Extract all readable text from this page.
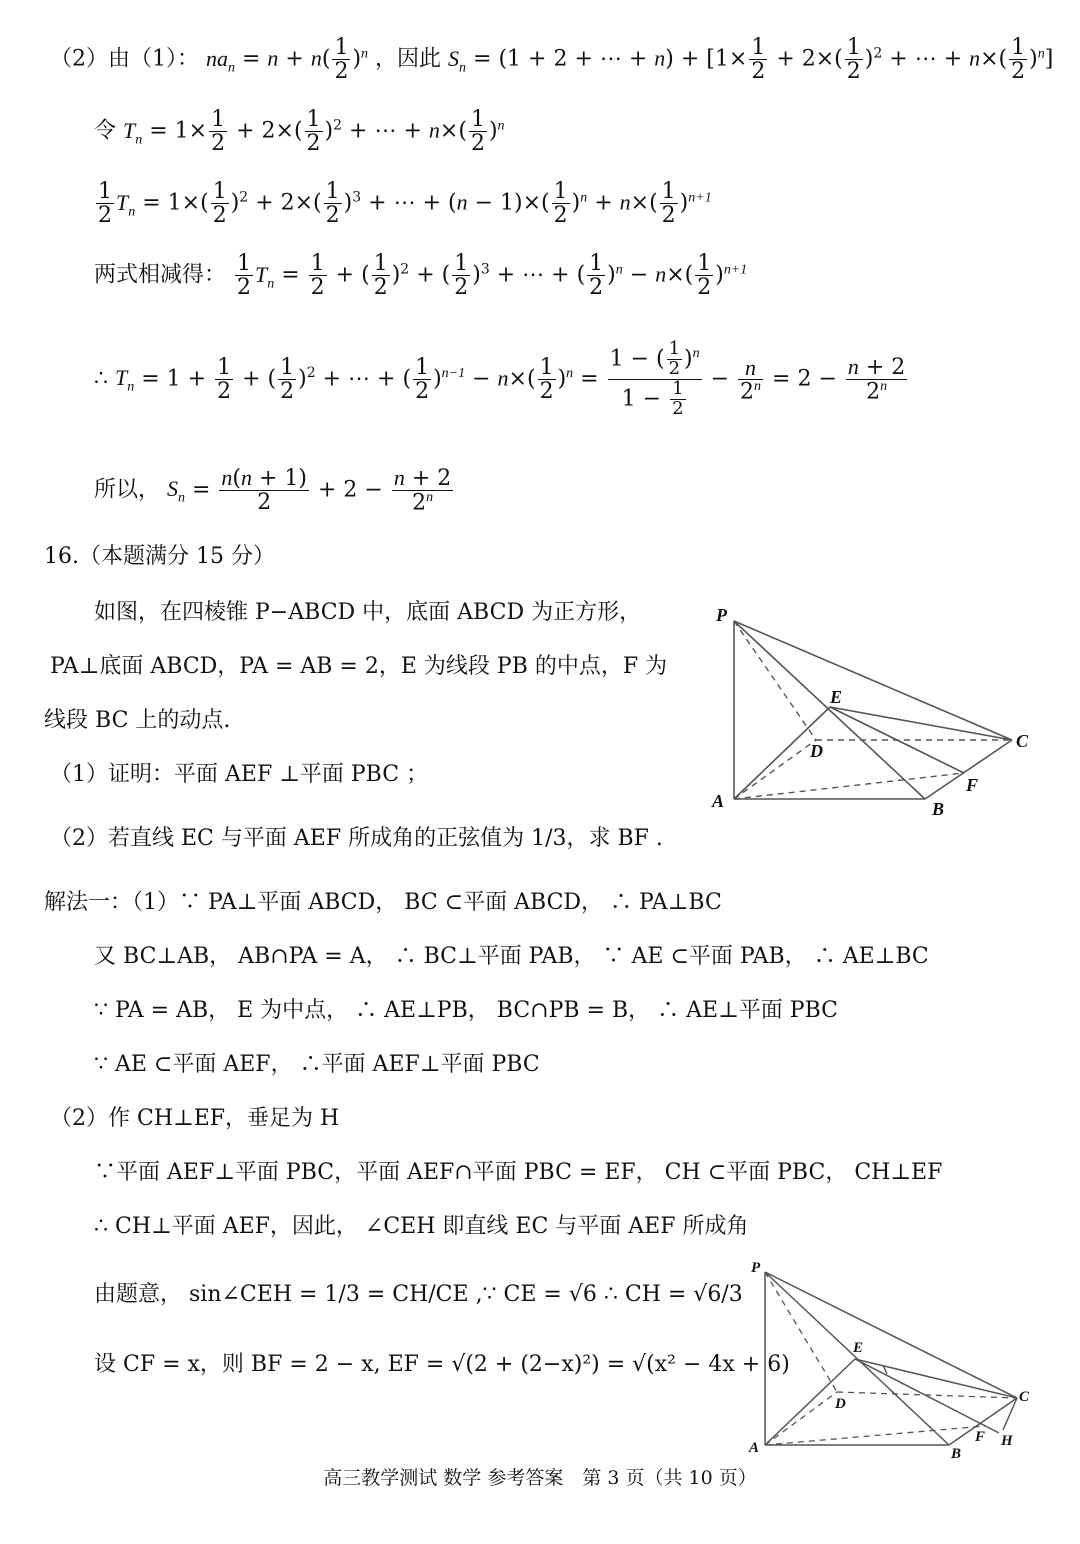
（2）由（1）： $na_n = n + n( \frac{1}{2} )^n$ ，因此 $S_n = (1 + 2$ + ⋯ + $n) + [1\times \frac{1}{2} + 2\times( \frac{1}{2} )^2$ + ⋯ + $n\times( \frac{1}{2} )^n$]
令 $T_n = 1\times \frac{1}{2} + 2\times( \frac{1}{2} )^2$ + ⋯ + $n\times( \frac{1}{2} )^n$
$\frac{1}{2} T_n = 1\times( \frac{1}{2} )^2 + 2\times( \frac{1}{2} )^3$ + ⋯ + $(n - 1)\times( \frac{1}{2} )^n + n\times( \frac{1}{2} )^{n+1}$
两式相减得： $\frac{1}{2} T_n = \frac{1}{2}$ + ( $\frac{1}{2} )^2$ + ( $\frac{1}{2} )^3$ + ⋯ + ( $\frac{1}{2} )^n - n\times( \frac{1}{2} )^{n+1}$
∴ $T_n = 1 + \frac{1}{2}$ + ( $\frac{1}{2} )^2$ + ⋯ + ( $\frac{1}{2} )^{n-1} - n\times( \frac{1}{2} )^n = \frac{1 - ( \frac{1}{2} )^n}{1 - \frac{1}{2}} - \frac{n}{2^n} = 2 - \frac{n + 2}{2^n}$
所以， $S_n = \frac{n(n + 1)}{2} + 2 - \frac{n + 2}{2^n}$
16.（本题满分 15 分）
如图，在四棱锥 P−ABCD 中，底面 ABCD 为正方形，
PA⊥底面 ABCD，PA = AB = 2，E 为线段 PB 的中点，F 为
线段 BC 上的动点.
（1）证明：平面 AEF ⊥平面 PBC ；
（2）若直线 EC 与平面 AEF 所成角的正弦值为 1/3，求 BF .
解法一：（1）∵ PA⊥平面 ABCD， BC ⊂平面 ABCD， ∴ PA⊥BC
又 BC⊥AB， AB∩PA = A， ∴ BC⊥平面 PAB， ∵ AE ⊂平面 PAB， ∴ AE⊥BC
∵ PA = AB， E 为中点， ∴ AE⊥PB， BC∩PB = B， ∴ AE⊥平面 PBC
∵ AE ⊂平面 AEF， ∴平面 AEF⊥平面 PBC
（2）作 CH⊥EF，垂足为 H
∵平面 AEF⊥平面 PBC，平面 AEF∩平面 PBC = EF， CH ⊂平面 PBC， CH⊥EF
∴ CH⊥平面 AEF，因此， ∠CEH 即直线 EC 与平面 AEF 所成角
由题意， sin∠CEH = 1/3 = CH/CE ,∵ CE = √6 ∴ CH = √6/3
设 CF = x，则 BF = 2 − x, EF = √(2 + (2−x)²) = √(x² − 4x + 6)
P
A	B
C
D
E
F
P
A	B
C
D
E
F H
高三教学测试 数学 参考答案　第 3 页（共 10 页）
